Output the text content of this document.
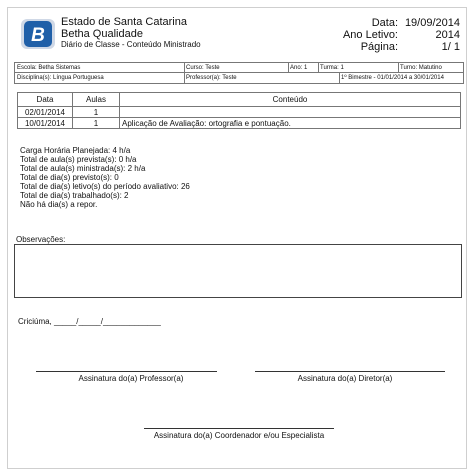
B
Estado de Santa Catarina
Betha Qualidade
Diário de Classe - Conteúdo Ministrado
Data: 19/09/2014
Ano Letivo:	2014
Página:	1/ 1
Escola: Betha Sistemas	Curso: Teste	Ano: 1	Turma: 1	Turno: Matutino
Disciplina(s): Língua Portuguesa	Professor(a): Teste	1º Bimestre - 01/01/2014 a 30/01/2014
Data	Aulas	Conteúdo
02/01/2014	1	
10/01/2014	1	Aplicação de Avaliação: ortografia e pontuação.
Carga Horária Planejada: 4 h/a
Total de aula(s) prevista(s): 0 h/a
Total de aula(s) ministrada(s): 2 h/a
Total de dia(s) previsto(s): 0
Total de dia(s) letivo(s) do período avaliativo: 26
Total de dia(s) trabalhado(s): 2
Não há dia(s) a repor.
Observações:
Criciúma, _____/_____/_____________
Assinatura do(a) Professor(a)	Assinatura do(a) Diretor(a)
Assinatura do(a) Coordenador e/ou Especialista
